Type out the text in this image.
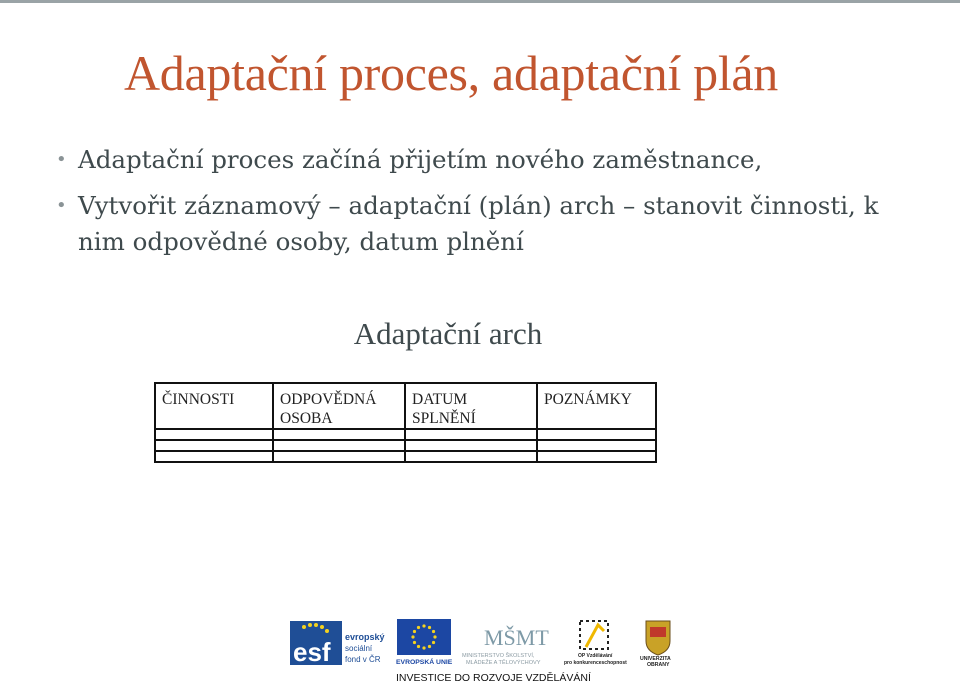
Adaptační proces, adaptační plán
• Adaptační proces začíná přijetím nového zaměstnance,
• Vytvořit záznamový – adaptační (plán) arch – stanovit činnosti, k nim odpovědné osoby, datum plnění
Adaptační arch
ČINNOSTI	ODPOVĚDNÁ OSOBA	DATUM SPLNĚNÍ	POZNÁMKY

esf evropský
sociální
fond v ČR EVROPSKÁ UNIE
MŠMT
MINISTERSTVO ŠKOLSTVÍ,
MLÁDEŽE A TĚLOVÝCHOVY
OP Vzdělávání
pro konkurenceschopnost
UNIVERZITA
OBRANY
INVESTICE DO ROZVOJE VZDĚLÁVÁNÍ
